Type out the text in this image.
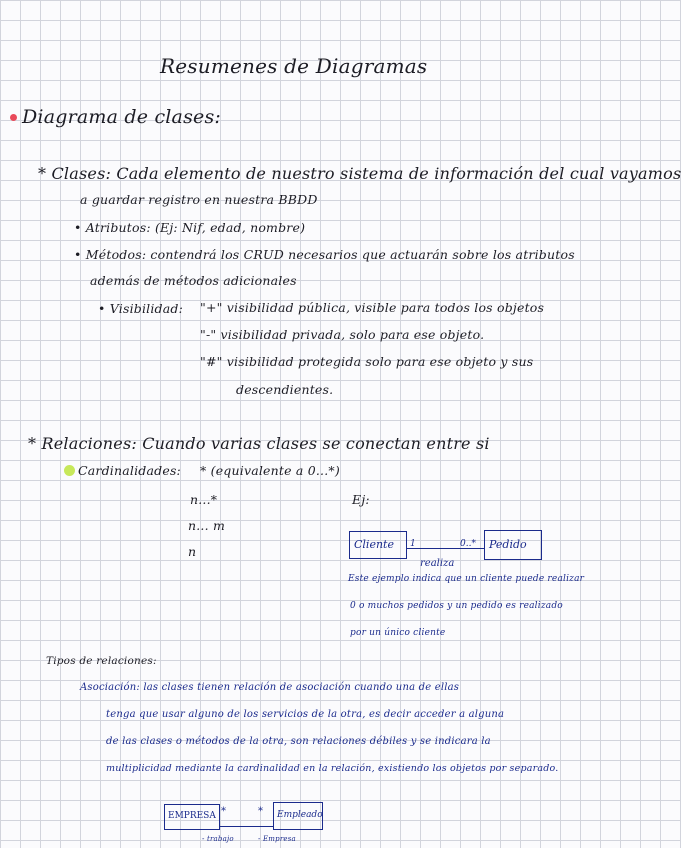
Resumenes de Diagramas
Diagrama de clases:
* Clases: Cada elemento de nuestro sistema de información del cual vayamos
a guardar registro en nuestra BBDD
• Atributos: (Ej: Nif, edad, nombre)
• Métodos: contendrá los CRUD necesarios que actuarán sobre los atributos
además de métodos adicionales
• Visibilidad: "+" visibilidad pública, visible para todos los objetos
"-" visibilidad privada, solo para ese objeto.
"#" visibilidad protegida solo para ese objeto y sus
descendientes.
* Relaciones: Cuando varias clases se conectan entre si
Cardinalidades: * (equivalente a 0...*)
n...*
n... m
n
Ej:
Cliente	Pedido
1	0..*
realiza
Este ejemplo indica que un cliente puede realizar
0 o muchos pedidos y un pedido es realizado
por un único cliente
Tipos de relaciones:
Asociación: las clases tienen relación de asociación cuando una de ellas
tenga que usar alguno de los servicios de la otra, es decir acceder a alguna
de las clases o métodos de la otra, son relaciones débiles y se indicara la
multiplicidad mediante la cardinalidad en la relación, existiendo los objetos por separado.
EMPRESA	Empleado
*	*
- trabajo	- Empresa
